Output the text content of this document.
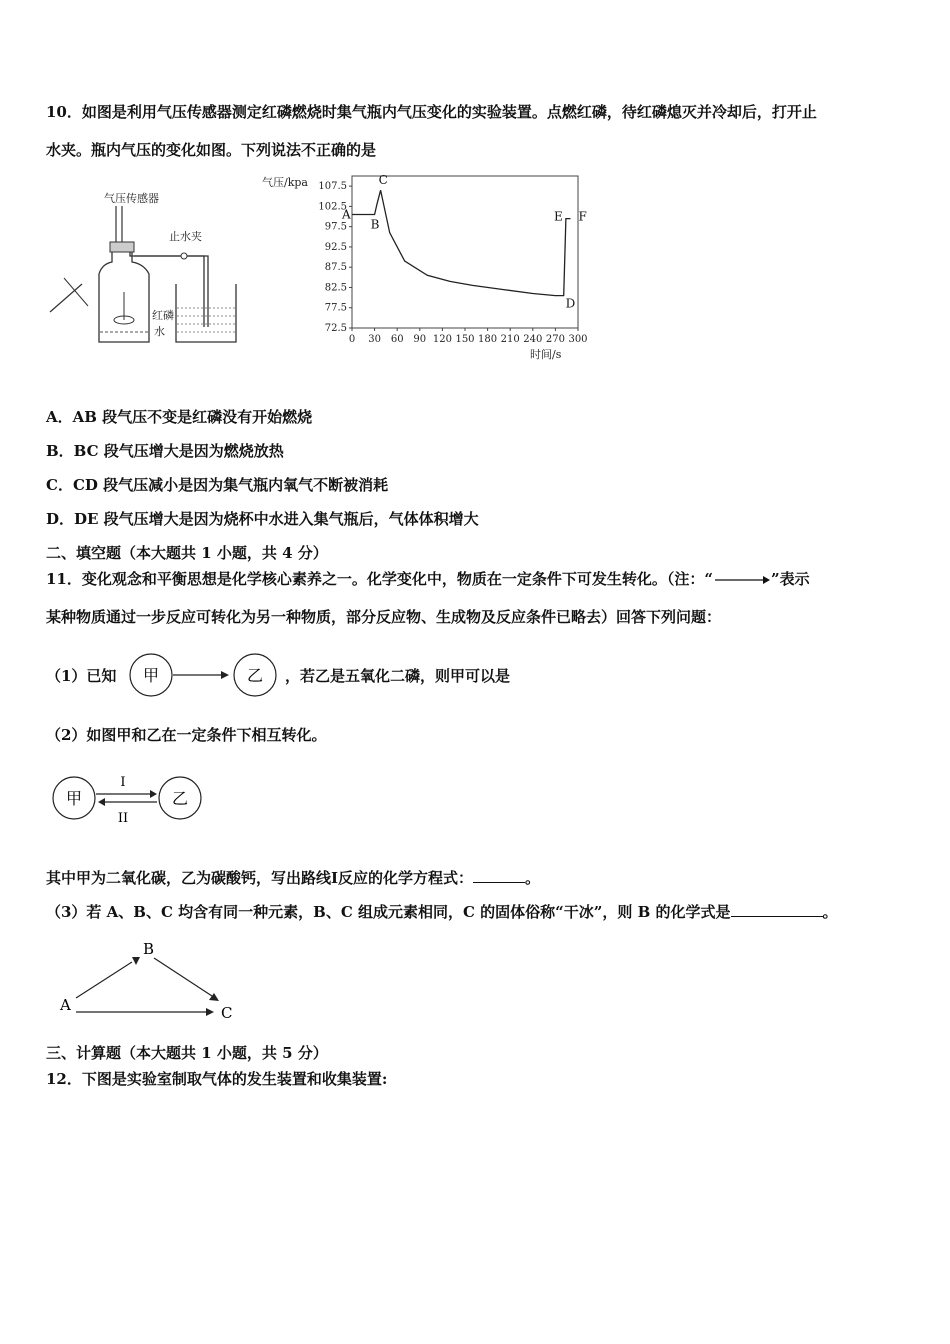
10．如图是利用气压传感器测定红磷燃烧时集气瓶内气压变化的实验装置。点燃红磷，待红磷熄灭并冷却后，打开止
水夹。瓶内气压的变化如图。下列说法不正确的是
气压传感器
止水夹
红磷
水
气压/kpa
时间/s
107.5
102.5
97.5
92.5
87.5
82.5
77.5
72.5
0 30 60 90 120 150 180 210 240 270 300
A
B
C
D
E F
A．AB 段气压不变是红磷没有开始燃烧
B．BC 段气压增大是因为燃烧放热
C．CD 段气压减小是因为集气瓶内氧气不断被消耗
D．DE 段气压增大是因为烧杯中水进入集气瓶后，气体体积增大
二、填空题（本大题共 1 小题，共 4 分）
11．变化观念和平衡思想是化学核心素养之一。化学变化中，物质在一定条件下可发生转化。（注：“	”表示
某种物质通过一步反应可转化为另一种物质，部分反应物、生成物及反应条件已略去）回答下列问题：
（1）已知 甲	乙 ，若乙是五氧化二磷，则甲可以是
（2）如图甲和乙在一定条件下相互转化。
甲
I
II
乙
其中甲为二氧化碳，乙为碳酸钙，写出路线Ⅰ反应的化学方程式：	。
（3）若 A、B、C 均含有同一种元素，B、C 组成元素相同，C 的固体俗称“干冰”，则 B 的化学式是	。
A
B
C
三、计算题（本大题共 1 小题，共 5 分）
12．下图是实验室制取气体的发生装置和收集装置:
